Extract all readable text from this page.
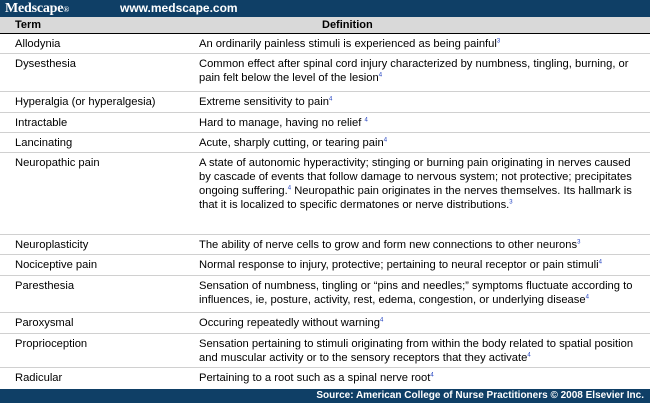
Medscape®	www.medscape.com
Term	Definition
Allodynia	An ordinarily painless stimuli is experienced as being painful$^3$
Dysesthesia	Common effect after spinal cord injury characterized by numbness, tingling, burning, or pain felt below the level of the lesion$^4$
Hyperalgia (or hyperalgesia)	Extreme sensitivity to pain$^4$
Intractable	Hard to manage, having no relief $^4$
Lancinating	Acute, sharply cutting, or tearing pain$^4$
Neuropathic pain	A state of autonomic hyperactivity; stinging or burning pain originating in nerves caused by cascade of events that follow damage to nervous system; not protective; precipitates ongoing suffering.$^4$ Neuropathic pain originates in the nerves themselves. Its hallmark is that it is localized to specific dermatones or nerve distributions.$^3$
Neuroplasticity	The ability of nerve cells to grow and form new connections to other neurons$^3$
Nociceptive pain	Normal response to injury, protective; pertaining to neural receptor or pain stimuli$^4$
Paresthesia	Sensation of numbness, tingling or “pins and needles;” symptoms fluctuate according to influences, ie, posture, activity, rest, edema, congestion, or underlying disease$^4$
Paroxysmal	Occuring repeatedly without warning$^4$
Proprioception	Sensation pertaining to stimuli originating from within the body related to spatial position and muscular activity or to the sensory receptors that they activate$^4$
Radicular	Pertaining to a root such as a spinal nerve root$^4$
Source: American College of Nurse Practitioners © 2008 Elsevier Inc.
